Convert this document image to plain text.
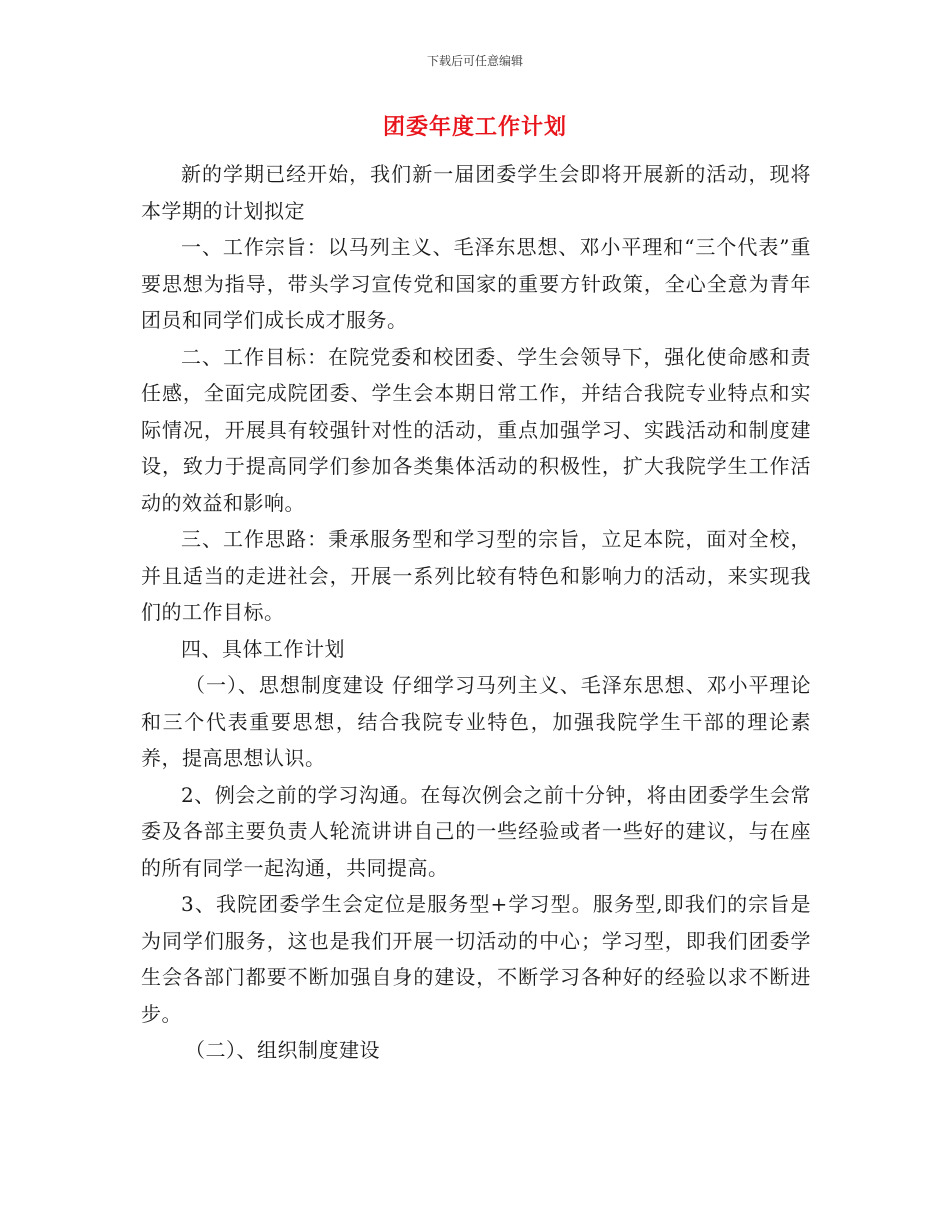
下载后可任意编辑
团委年度工作计划

新的学期已经开始，我们新一届团委学生会即将开展新的活动，现将本学期的计划拟定

一、工作宗旨：以马列主义、毛泽东思想、邓小平理和“三个代表”重要思想为指导，带头学习宣传党和国家的重要方针政策，全心全意为青年团员和同学们成长成才服务。

二、工作目标：在院党委和校团委、学生会领导下，强化使命感和责任感，全面完成院团委、学生会本期日常工作，并结合我院专业特点和实际情况，开展具有较强针对性的活动，重点加强学习、实践活动和制度建设，致力于提高同学们参加各类集体活动的积极性，扩大我院学生工作活动的效益和影响。

三、工作思路：秉承服务型和学习型的宗旨，立足本院，面对全校，并且适当的走进社会，开展一系列比较有特色和影响力的活动，来实现我们的工作目标。

四、具体工作计划

（一）、思想制度建设 仔细学习马列主义、毛泽东思想、邓小平理论和三个代表重要思想，结合我院专业特色，加强我院学生干部的理论素养，提高思想认识。

2、例会之前的学习沟通。在每次例会之前十分钟，将由团委学生会常委及各部主要负责人轮流讲讲自己的一些经验或者一些好的建议，与在座的所有同学一起沟通，共同提高。

3、我院团委学生会定位是服务型+学习型。服务型,即我们的宗旨是为同学们服务，这也是我们开展一切活动的中心；学习型，即我们团委学生会各部门都要不断加强自身的建设，不断学习各种好的经验以求不断进步。

（二）、组织制度建设
